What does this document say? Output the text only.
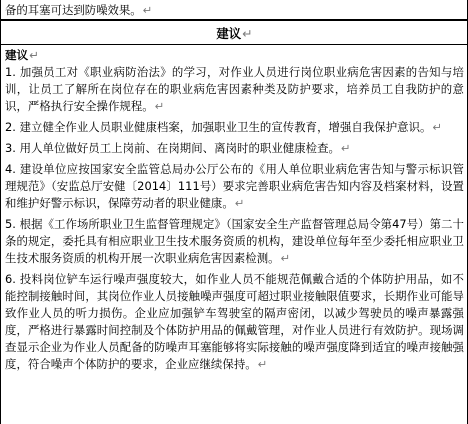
备的耳塞可达到防噪效果。↵
建议↵
建议↵

1. 加强员工对《职业病防治法》的学习，对作业人员进行岗位职业病危害因素的告知与培训，让员工了解所在岗位存在的职业病危害因素种类及防护要求，培养员工自我防护的意识，严格执行安全操作规程。↵

2. 建立健全作业人员职业健康档案，加强职业卫生的宣传教育，增强自我保护意识。↵

3. 用人单位做好员工上岗前、在岗期间、离岗时的职业健康检查。↵

4. 建设单位应按国家安全监管总局办公厅公布的《用人单位职业病危害告知与警示标识管理规范》（安监总厅安健〔2014〕111号）要求完善职业病危害告知内容及档案材料，设置和维护好警示标识，保障劳动者的职业健康。↵

5. 根据《工作场所职业卫生监督管理规定》（国家安全生产监督管理总局令第47号）第二十条的规定，委托具有相应职业卫生技术服务资质的机构，建设单位每年至少委托相应职业卫生技术服务资质的机构开展一次职业病危害因素检测。↵

6. 投料岗位铲车运行噪声强度较大，如作业人员不能规范佩戴合适的个体防护用品，如不能控制接触时间，其岗位作业人员接触噪声强度可超过职业接触限值要求，长期作业可能导致作业人员的听力损伤。企业应加强铲车驾驶室的隔声密闭，以减少驾驶员的噪声暴露强度，严格进行暴露时间控制及个体防护用品的佩戴管理，对作业人员进行有效防护。现场调查显示企业为作业人员配备的防噪声耳塞能够将实际接触的噪声强度降到适宜的噪声接触强度，符合噪声个体防护的要求，企业应继续保持。↵
